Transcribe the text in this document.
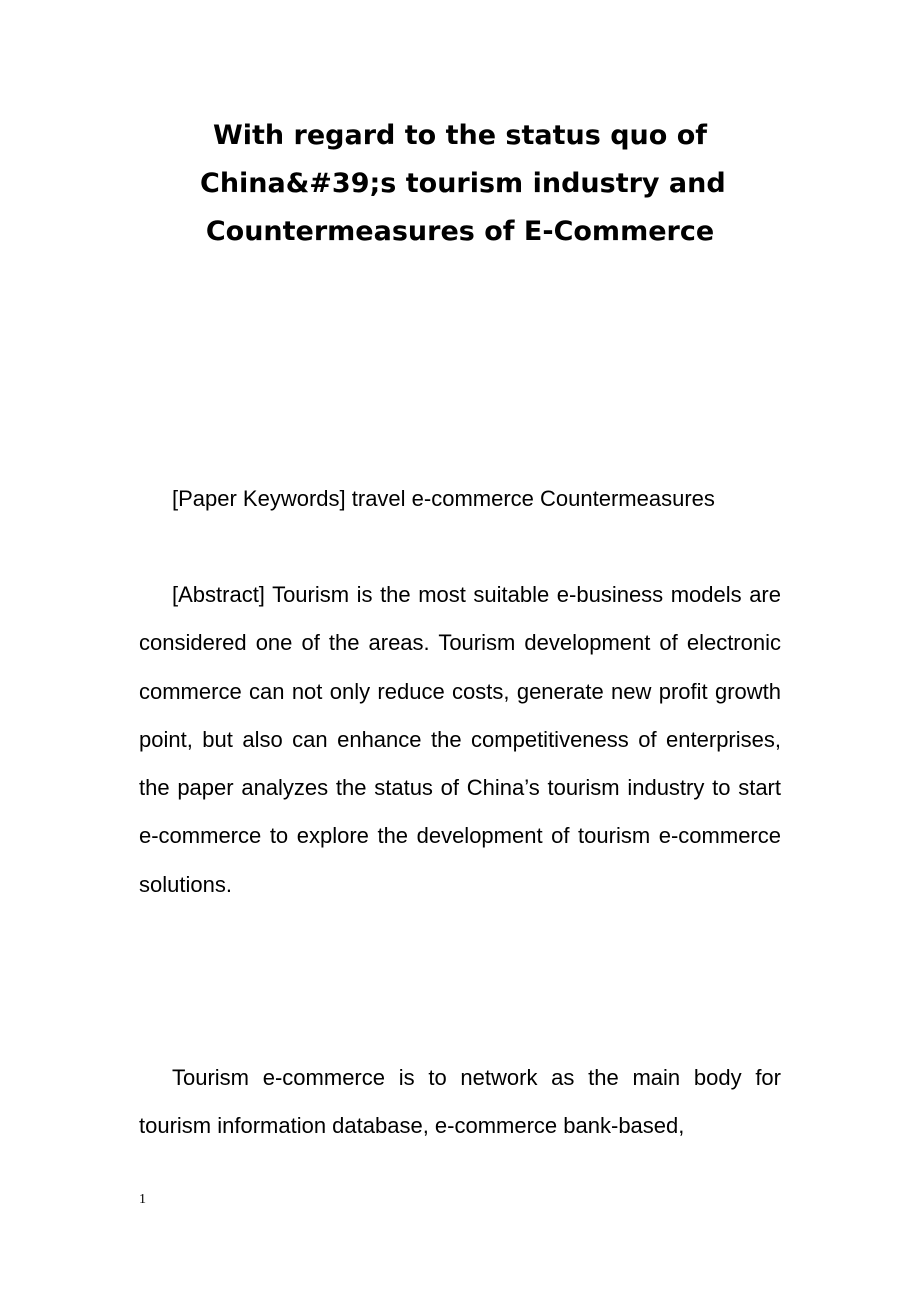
With regard to the status quo of
China&#39;s tourism industry and
Countermeasures of E-Commerce
[Paper Keywords] travel e-commerce Countermeasures
[Abstract] Tourism is the most suitable e-business models are considered one of the areas. Tourism development of electronic commerce can not only reduce costs, generate new profit growth point, but also can enhance the competitiveness of enterprises, the paper analyzes the status of China’s tourism industry to start e-commerce to explore the development of tourism e-commerce solutions.
Tourism e-commerce is to network as the main body for tourism information database, e-commerce bank-based,
1
